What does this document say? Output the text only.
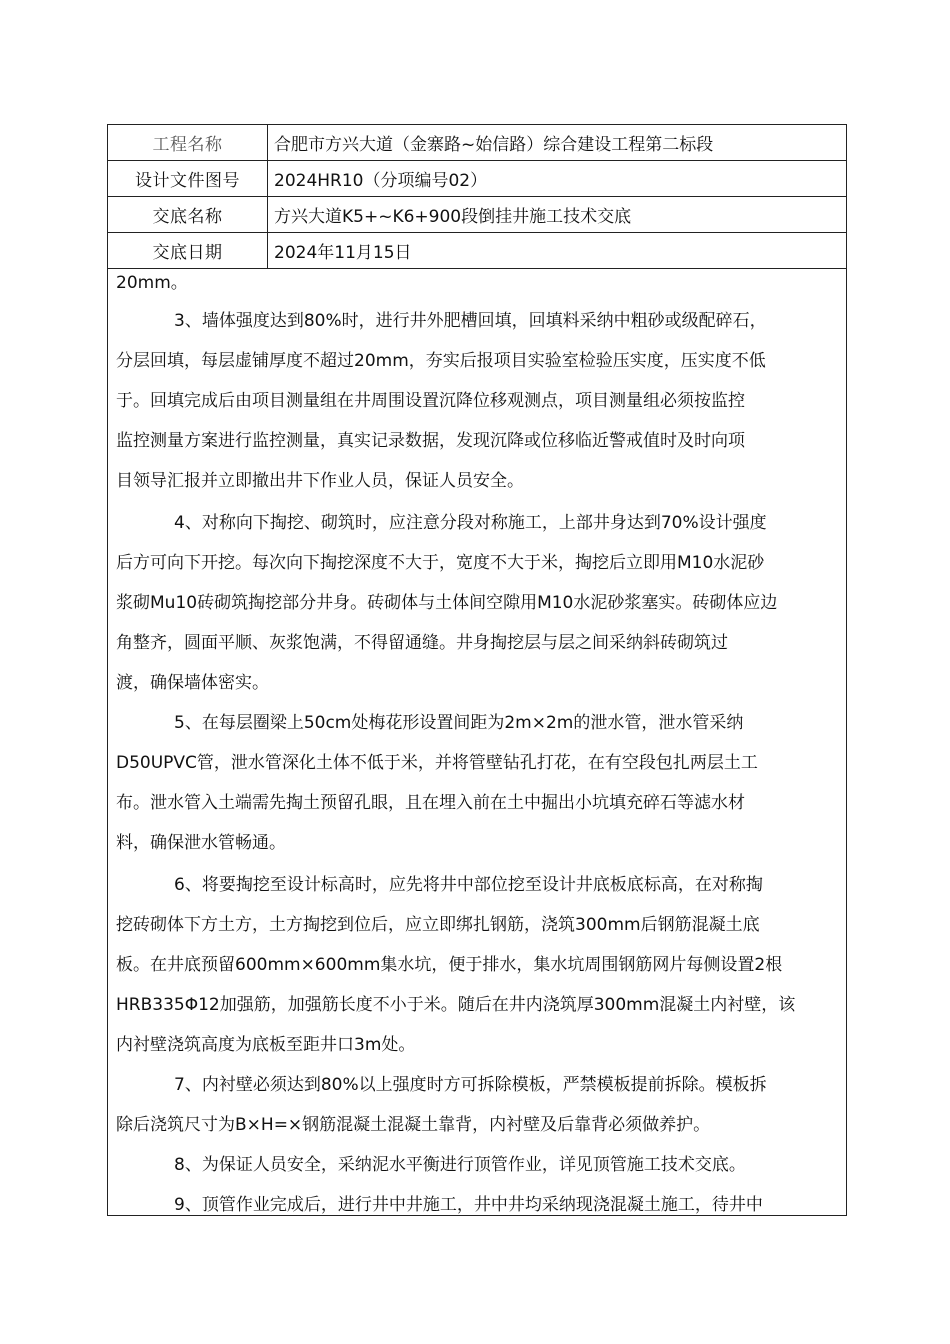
工程名称	合肥市方兴大道（金寨路~始信路）综合建设工程第二标段
设计文件图号	2024HR10（分项编号02）
交底名称	方兴大道K5+~K6+900段倒挂井施工技术交底
交底日期	2024年11月15日
20mm。
3、墙体强度达到80%时，进行井外肥槽回填，回填料采纳中粗砂或级配碎石，
分层回填，每层虚铺厚度不超过20mm，夯实后报项目实验室检验压实度，压实度不低
于。回填完成后由项目测量组在井周围设置沉降位移观测点，项目测量组必须按监控
监控测量方案进行监控测量，真实记录数据，发现沉降或位移临近警戒值时及时向项
目领导汇报并立即撤出井下作业人员，保证人员安全。
4、对称向下掏挖、砌筑时，应注意分段对称施工，上部井身达到70%设计强度
后方可向下开挖。每次向下掏挖深度不大于，宽度不大于米，掏挖后立即用M10水泥砂
浆砌Mu10砖砌筑掏挖部分井身。砖砌体与土体间空隙用M10水泥砂浆塞实。砖砌体应边
角整齐，圆面平顺、灰浆饱满，不得留通缝。井身掏挖层与层之间采纳斜砖砌筑过
渡，确保墙体密实。
5、在每层圈梁上50cm处梅花形设置间距为2m×2m的泄水管，泄水管采纳
D50UPVC管，泄水管深化土体不低于米，并将管壁钻孔打花，在有空段包扎两层土工
布。泄水管入土端需先掏土预留孔眼，且在埋入前在土中掘出小坑填充碎石等滤水材
料，确保泄水管畅通。
6、将要掏挖至设计标高时，应先将井中部位挖至设计井底板底标高，在对称掏
挖砖砌体下方土方，土方掏挖到位后，应立即绑扎钢筋，浇筑300mm后钢筋混凝土底
板。在井底预留600mm×600mm集水坑，便于排水，集水坑周围钢筋网片每侧设置2根
HRB335Φ12加强筋，加强筋长度不小于米。随后在井内浇筑厚300mm混凝土内衬壁，该
内衬壁浇筑高度为底板至距井口3m处。
7、内衬壁必须达到80%以上强度时方可拆除模板，严禁模板提前拆除。模板拆
除后浇筑尺寸为B×H=×钢筋混凝土混凝土靠背，内衬壁及后靠背必须做养护。
8、为保证人员安全，采纳泥水平衡进行顶管作业，详见顶管施工技术交底。
9、顶管作业完成后，进行井中井施工，井中井均采纳现浇混凝土施工，待井中
